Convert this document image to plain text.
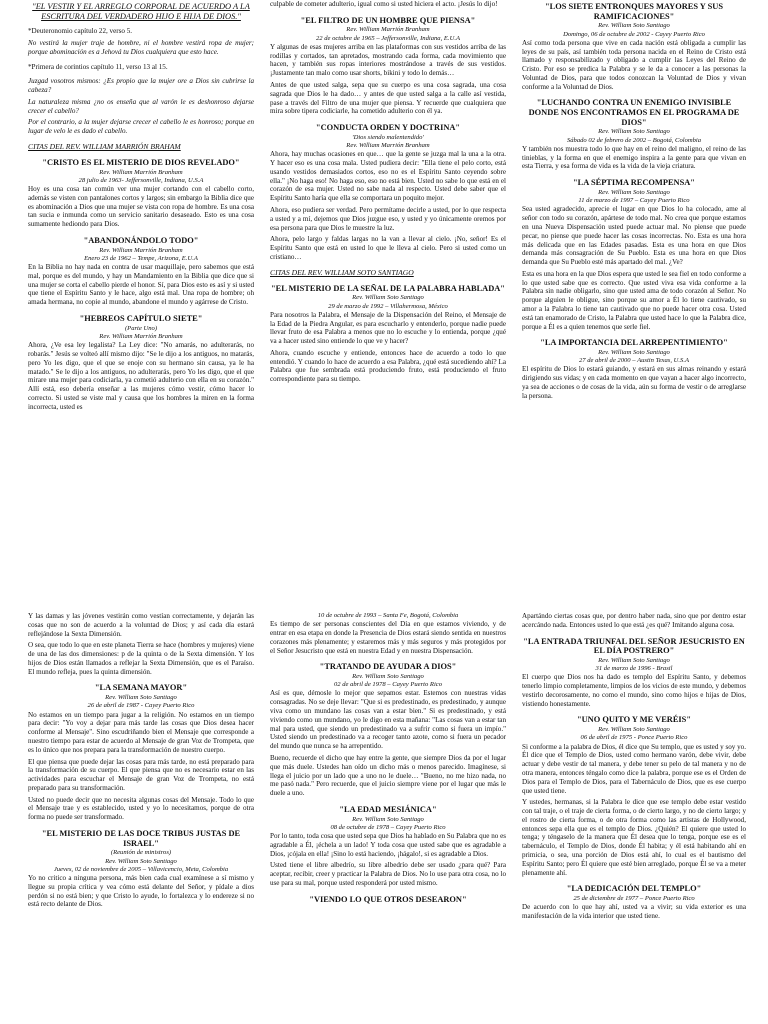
"EL VESTIR Y EL ARREGLO CORPORAL DE ACUERDO A LA ESCRITURA DEL VERDADERO HIJO E HIJA DE DIOS."

*Deuteronomio capítulo 22, verso 5.

No vestirá la mujer traje de hombre, ni el hombre vestirá ropa de mujer; porque abominación es a Jehová tu Dios cualquiera que esto hace.

*Primera de corintios capítulo 11, verso 13 al 15.

Juzgad vosotros mismos: ¿Es propio que la mujer ore a Dios sin cubrirse la cabeza?

La naturaleza misma ¿no os enseña que al varón le es deshonroso dejarse crecer el cabello?

Por el contrario, a la mujer dejarse crecer el cabello le es honroso; porque en lugar de velo le es dado el cabello.

CITAS DEL REV. WILLIAM MARRIÓN BRAHAM
"CRISTO ES EL MISTERIO DE DIOS REVELADO"
Rev. William Marrión Branham
28 julio de 1963- Jeffersonville, Indiana, U.S.A

Hoy es una cosa tan común ver una mujer cortando con el cabello corto, además se visten con pantalones cortos y largos; sin embargo la Biblia dice que es abominación a Dios que una mujer se vista con ropa de hombre. Es una cosa tan sucia e inmunda como un servicio sanitario desaseado. Esto es una cosa sumamente hediondo para Dios.

"ABANDONÁNDOLO TODO"
Rev. William Marrión Branham
Enero 23 de 1962 – Tempe, Arizona, E.U.A

En la Biblia no hay nada en contra de usar maquillaje, pero sabemos que está mal, porque es del mundo, y hay un Mandamiento en la Biblia que dice que si una mujer se corta el cabello pierde el honor. Sí, para Dios esto es así y si usted que tiene el Espíritu Santo y le hace, algo está mal. Una ropa de hombre; oh amada hermana, no copie al mundo, abandone el mundo y agárrese de Cristo.

"HEBREOS CAPÍTULO SIETE"
(Parte Uno)
Rev. William Marrión Branham

Ahora, ¿Ve esa ley legalista? La Ley dice: "No amarás, no adulterarás, no robarás." Jesús se volteó allí mismo dijo: "Se le dijo a los antiguos, no matarás, pero Yo les digo, que el que se enoje con su hermano sin causa, ya le ha matado." Se le dijo a los antiguos, no adulterarás, pero Yo les digo, que el que mirare una mujer para codiciarla, ya cometió adulterio con ella en su corazón." Allí está, eso debería enseñar a las mujeres cómo vestir, cómo hacer lo correcto. Si usted se viste mal y causa que los hombres la miren en la forma incorrecta, usted es

culpable de cometer adulterio, igual como si usted hiciera el acto. ¡Jesús lo dijo!

"EL FILTRO DE UN HOMBRE QUE PIENSA"
Rev. William Marrión Branham
22 de octubre de 1965 – Jeffersonville, Indiana, E.U.A

Y algunas de esas mujeres arriba en las plataformas con sus vestidos arriba de las rodillas y cortados, tan apretados, mostrando cada forma, cada movimiento que hacen, y también sus ropas interiores mostrándose a través de sus vestidos. ¡Justamente tan malo como usar shorts, bikini y todo lo demás…

Antes de que usted salga, sepa que su cuerpo es una cosa sagrada, una cosa sagrada que Dios le ha dado… y antes de que usted salga a la calle así vestida, pase a través del Filtro de una mujer que piensa. Y recuerde que cualquiera que mira sobre tipera codiciarle, ha cometido adulterio con él ya.

"CONDUCTA ORDEN Y DOCTRINA"
'Dios siendo malentendido'
Rev. William Marrión Branham

Ahora, hay muchas ocasiones en que… que la gente se juzga mal la una a la otra. Y hacer eso es una cosa mala. Usted pudiera decir: "Ella tiene el pelo corto, está usando vestidos demasiados cortos, eso no es el Espíritu Santo ceyendo sobre ella." ¡No haga eso! No haga eso, eso no está bien. Usted no sabe lo que está en el corazón de esa mujer. Usted no sabe nada al respecto. Usted debe saber que el Espíritu Santo haría que ella se comportara un poquito mejor.

Ahora, eso pudiera ser verdad. Pero permítame decirle a usted, por lo que respecta a usted y a mí, dejemos que Dios juzgue eso, y usted y yo únicamente oremos por esa persona para que Dios le muestre la luz.

Ahora, pelo largo y faldas largas no la van a llevar al cielo. ¡No, señor! Es el Espíritu Santo que está en usted lo que le lleva al cielo. Pero si usted como un cristiano…

CITAS DEL REV. WILLIAM SOTO SANTIAGO
"EL MISTERIO DE LA SEÑAL DE LA PALABRA HABLADA"
Rev. William Soto Santiago
29 de marzo de 1992 – Villahermosa, México

Para nosotros la Palabra, el Mensaje de la Dispensación del Reino, el Mensaje de la Edad de la Piedra Angular, es para escucharlo y entenderlo, porque nadie puede llevar fruto de esa Palabra a menos que no lo escuche y lo entienda, porque ¿qué va a hacer usted sino entiende lo que ve y hacer?

Ahora, cuando escuche y entiende, entonces hace de acuerdo a todo lo que entendió. Y cuando lo hace de acuerdo a esa Palabra, ¿qué está sucediendo ahí? La Palabra que fue sembrada está produciendo fruto, está produciendo el fruto correspondiente para su tiempo.

"LOS SIETE ENTRONQUES MAYORES Y SUS RAMIFICACIONES"
Rev. William Soto Santiago
Domingo, 06 de octubre de 2002 - Cayey Puerto Rico

Así como toda persona que vive en cada nación está obligada a cumplir las leyes de su país, así también toda persona nacida en el Reino de Cristo está llamado y responsabilizado y obligado a cumplir las Leyes del Reino de Cristo. Por eso se predica la Palabra y se le da a conocer a las personas la Voluntad de Dios, para que todos conozcan la Voluntad de Dios y vivan conforme a la Voluntad de Dios.

"LUCHANDO CONTRA UN ENEMIGO INVISIBLE DONDE NOS ENCONTRAMOS EN EL PROGRAMA DE DIOS"
Rev. William Soto Santiago
Sábado 02 de febrero de 2002 – Bogotá, Colombia

Y también nos muestra todo lo que hay en el reino del maligno, el reino de las tinieblas, y la forma en que el enemigo inspira a la gente para que vivan en esta Tierra, y esa forma de vida es la vida de la vieja criatura.

"LA SÉPTIMA RECOMPENSA"
Rev. William Soto Santiago
11 de marzo de 1997 – Cayey Puerto Rico

Sea usted agradecido, aprecie el lugar en que Dios lo ha colocado, ame al señor con todo su corazón, apártese de todo mal. No crea que porque estamos en una Nueva Dispensación usted puede actuar mal. No piense que puede pecar, no piense que puede hacer las cosas incorrectas. No. Esta es una hora más delicada que en las Edades pasadas. Esta es una hora en que Dios demanda más consagración de Su Pueblo. Esta es una hora en que Dios demanda que Su Pueblo esté más apartado del mal. ¿Ve?

Esta es una hora en la que Dios espera que usted le sea fiel en todo conforme a lo que usted sabe que es correcto. Que usted viva esa vida conforme a la Palabra sin nadie obligarlo, sino que usted ama de todo corazón al Señor. No porque alguien le obligue, sino porque su amor a Él lo tiene cautivado, su amor a la Palabra lo tiene tan cautivado que no puede hacer otra cosa. Usted está tan enamorado de Cristo, la Palabra que usted hace lo que la Palabra dice, porque a Él es a quien tenemos que serle fiel.

"LA IMPORTANCIA DEL ARREPENTIMIENTO"
Rev. William Soto Santiago
27 de abril de 2000 – Austin Texas, U.S.A

El espíritu de Dios lo estará guiando, y estará en sus almas reinando y estará dirigiendo sus vidas; y en cada momento en que vayan a hacer algo incorrecto, ya sea de acciones o de cosas de la vida, aún su forma de vestir o de arreglarse la persona.

Y las damas y las jóvenes vestirán como vestían correctamente, y dejarán las cosas que no son de acuerdo a la voluntad de Dios; y así cada día estará reflejándose la Sexta Dimensión.

O sea, que todo lo que en este planeta Tierra se hace (hombres y mujeres) viene de una de las dos dimensiones: p de la quinta o de la Sexta dimensión. Y los hijos de Dios están llamados a reflejar la Sexta Dimensión, que es el Paraíso. El mundo refleja, pues la quinta dimensión.

"LA SEMANA MAYOR"
Rev. William Soto Santiago
26 de abril de 1987 - Cayey Puerto Rico

No estamos en un tiempo para jugar a la religión. No estamos en un tiempo para decir: "Yo voy a dejar para más tarde las cosas que Dios desea hacer conforme al Mensaje". Sino escudriñando bien el Mensaje que corresponde a nuestro tiempo para estar de acuerdo al Mensaje de gran Voz de Trompeta, que es lo único que nos prepara para la transformación de nuestro cuerpo.

El que piensa que puede dejar las cosas para más tarde, no está preparado para la transformación de su cuerpo. El que piensa que no es necesario estar en las actividades para escuchar el Mensaje de gran Voz de Trompeta, no está preparado para su transformación.

Usted no puede decir que no necesita algunas cosas del Mensaje. Todo lo que el Mensaje trae y es establecido, usted y yo lo necesitamos, porque de otra forma no puede ser transformado.

"EL MISTERIO DE LAS DOCE TRIBUS JUSTAS DE ISRAEL"
(Reunión de ministros)
Rev. William Soto Santiago
Jueves, 02 de noviembre de 2005 – Villavicencio, Meta, Colombia

Yo no critico a ninguna persona, más bien cada cual examínese a sí mismo y llegue su propia crítica y vea cómo está delante del Señor, y pídale a dios perdón si no está bien; y que Cristo lo ayude, lo fortalezca y lo endereze si no está recto delante de Dios.

10 de octubre de 1993 – Santa Fe, Bogotá, Colombia

Es tiempo de ser personas conscientes del Día en que estamos viviendo, y de entrar en esa etapa en donde la Presencia de Dios estará siendo sentida en nuestros corazones más plenamente; y estaremos más y más seguros y más protegidos por el Señor Jesucristo que está en nuestra Edad y en nuestra Dispensación.

"TRATANDO DE AYUDAR A DIOS"
Rev. William Soto Santiago
02 de abril de 1978 – Cayey Puerto Rico

Así es que, démosle lo mejor que sepamos estar. Estemos con nuestras vidas consagradas. No se deje llevar: "Que si es predestinado, es predestinado, y aunque viva como un mundano las cosas van a estar bien." Si es predestinado, y está viviendo como un mundano, yo le digo en esta mañana: "Las cosas van a estar tan mal para usted, que siendo un predestinado va a sufrir como si fuera un impío." Usted siendo un predestinado va a recoger tanto azote, como si fuera un pecador del mundo que nunca se ha arrepentido.

Bueno, recuerde el dicho que hay entre la gente, que siempre Dios da por el lugar que más duele. Ustedes han oído un dicho más o menos parecido. Imagínese, si llega el juicio por un lado que a uno no le duele… "Bueno, no me hizo nada, no me pasó nada." Pero recuerde, que el juicio siempre viene por el lugar que más le duele a uno.

"LA EDAD MESIÁNICA"
Rev. William Soto Santiago
08 de octubre de 1978 – Cayey Puerto Rico

Por lo tanto, toda cosa que usted sepa que Dios ha hablado en Su Palabra que no es agradable a Él, ¡échela a un lado! Y toda cosa que usted sabe que es agradable a Dios, ¡cójala en ella! ¡Sino lo está haciendo, ¡hágalo!, si es agradable a Dios.

Usted tiene el libre albedrío, su libre albedrío debe ser usado ¿para qué? Para aceptar, recibir, creer y practicar la Palabra de Dios. No lo use para otra cosa, no lo use para su mal, porque usted responderá por usted mismo.

"VIENDO LO QUE OTROS DESEARON"

Apartándo ciertas cosas que, por dentro haber nada, sino que por dentro estar acercándo nada. Entonces usted lo que está ¿es qué? Imitando alguna cosa.

"LA ENTRADA TRIUNFAL DEL SEÑOR JESUCRISTO EN EL DÍA POSTRERO"
Rev. William Soto Santiago
31 de marzo de 1996 - Brasil

El cuerpo que Dios nos ha dado es templo del Espíritu Santo, y debemos tenerlo limpio completamente, limpios de los vicios de este mundo, y debemos vestirlo decorosamente, no como el mundo, sino como hijos e hijas de Dios, vistiendo honestamente.

"UNO QUITO Y ME VERÉIS"
Rev. William Soto Santiago
06 de abril de 1975 - Ponce Puerto Rico

Si conforme a la palabra de Dios, él dice que Su templo, que es usted y soy yo. Él dice que el Templo de Dios, usted como hermano varón, debe vivir, debe actuar y debe vestir de tal manera, y debe tener su pelo de tal manera y no de otra manera, entonces téngalo como dice la palabra, porque ese es el Orden de Dios para el Templo de Dios, para el Tabernáculo de Dios, que es ese cuerpo que usted tiene.

Y ustedes, hermanas, si la Palabra le dice que ese templo debe estar vestido con tal traje, o el traje de cierta forma, o de cierto largo, y no de cierto largo; y el rostro de cierta forma, o de otra forma como las artistas de Hollywood, entonces sepa ella que es el templo de Dios. ¿Quién? El quiere que usted lo tenga; y téngaselo de la manera que Él desea que lo tenga, porque ese es el tabernáculo, el Templo de Dios, donde Él habita; y él está habitando ahí en primicia, o sea, una porción de Dios está ahí, lo cual es el bautismo del Espíritu Santo; pero Él quiere que esté bien arreglado, porque Él se va a meter plenamente ahí.

"LA DEDICACIÓN DEL TEMPLO"
25 de diciembre de 1977 – Ponce Puerto Rico

De acuerdo con lo que hay ahí, usted va a vivir; su vida exterior es una manifestación de la vida interior que usted tiene.
